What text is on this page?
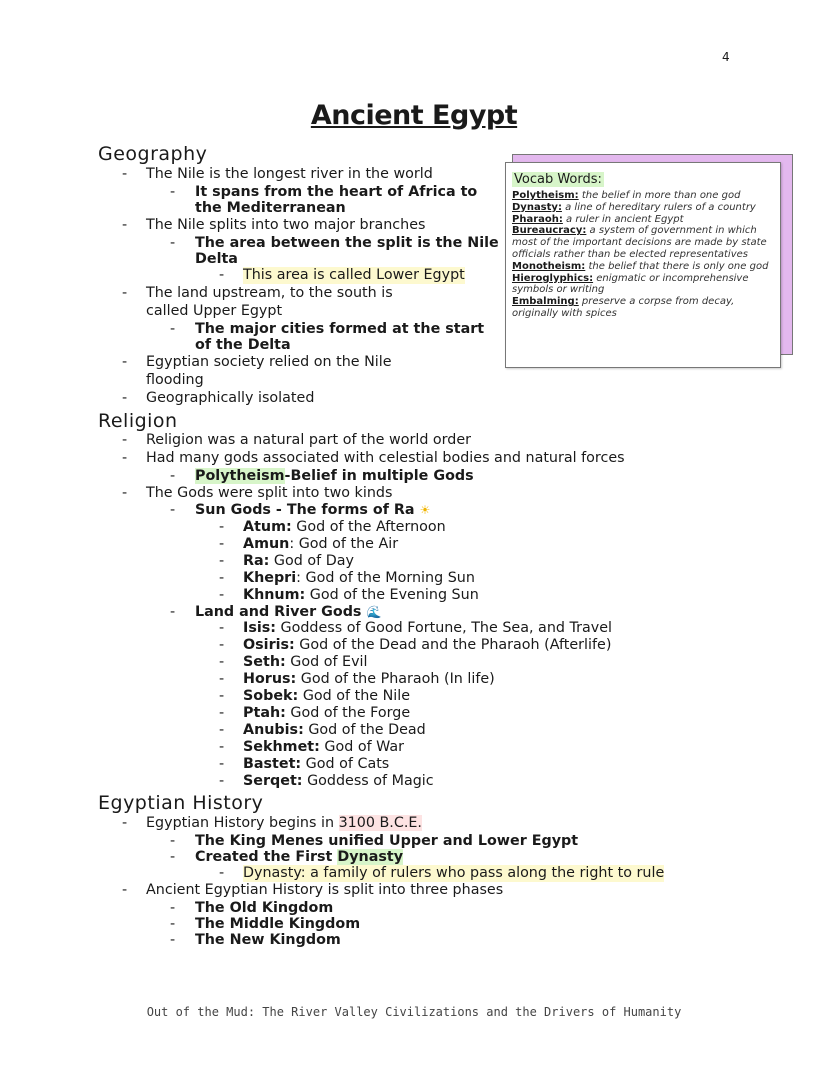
4
Ancient Egypt
Geography
- The Nile is the longest river in the world
- It spans from the heart of Africa to
the Mediterranean
- The Nile splits into two major branches
- The area between the split is the Nile
Delta
- This area is called Lower Egypt
- The land upstream, to the south is
called Upper Egypt
- The major cities formed at the start
of the Delta
- Egyptian society relied on the Nile
flooding
- Geographically isolated
Vocab Words:
Polytheism: the belief in more than one god
Dynasty: a line of hereditary rulers of a country
Pharaoh: a ruler in ancient Egypt
Bureaucracy: a system of government in which most of the important decisions are made by state officials rather than be elected representatives
Monotheism: the belief that there is only one god
Hieroglyphics: enigmatic or incomprehensive symbols or writing
Embalming: preserve a corpse from decay, originally with spices
Religion
- Religion was a natural part of the world order
- Had many gods associated with celestial bodies and natural forces
- Polytheism-Belief in multiple Gods
- The Gods were split into two kinds
- Sun Gods - The forms of Ra ☀
- Atum: God of the Afternoon
- Amun: God of the Air
- Ra: God of Day
- Khepri: God of the Morning Sun
- Khnum: God of the Evening Sun
- Land and River Gods 🌊
- Isis: Goddess of Good Fortune, The Sea, and Travel
- Osiris: God of the Dead and the Pharaoh (Afterlife)
- Seth: God of Evil
- Horus: God of the Pharaoh (In life)
- Sobek: God of the Nile
- Ptah: God of the Forge
- Anubis: God of the Dead
- Sekhmet: God of War
- Bastet: God of Cats
- Serqet: Goddess of Magic
Egyptian History
- Egyptian History begins in 3100 B.C.E.
- The King Menes unified Upper and Lower Egypt
- Created the First Dynasty
- Dynasty: a family of rulers who pass along the right to rule
- Ancient Egyptian History is split into three phases
- The Old Kingdom
- The Middle Kingdom
- The New Kingdom
Out of the Mud: The River Valley Civilizations and the Drivers of Humanity
